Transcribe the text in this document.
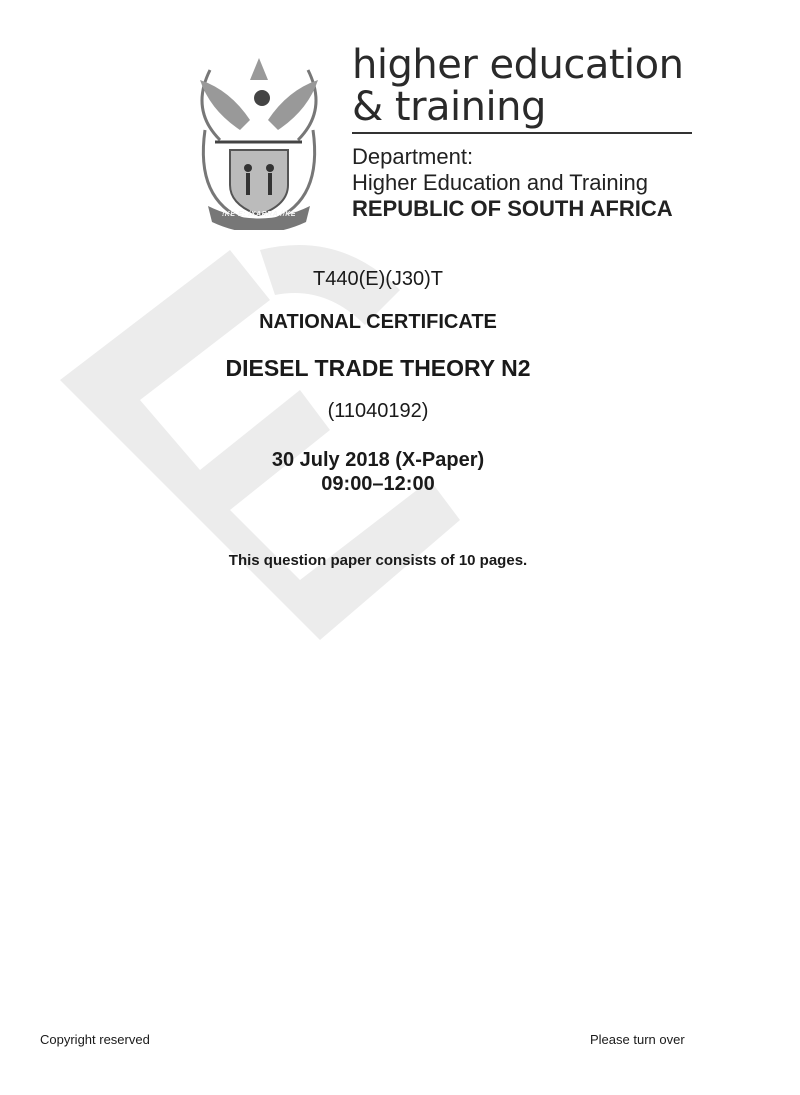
!KE E: /XARRA //KE
higher education
& training
Department:
Higher Education and Training
REPUBLIC OF SOUTH AFRICA
T440(E)(J30)T
NATIONAL CERTIFICATE
DIESEL TRADE THEORY N2
(11040192)
30 July 2018 (X-Paper)
09:00–12:00
This question paper consists of 10 pages.
Copyright reserved	Please turn over
